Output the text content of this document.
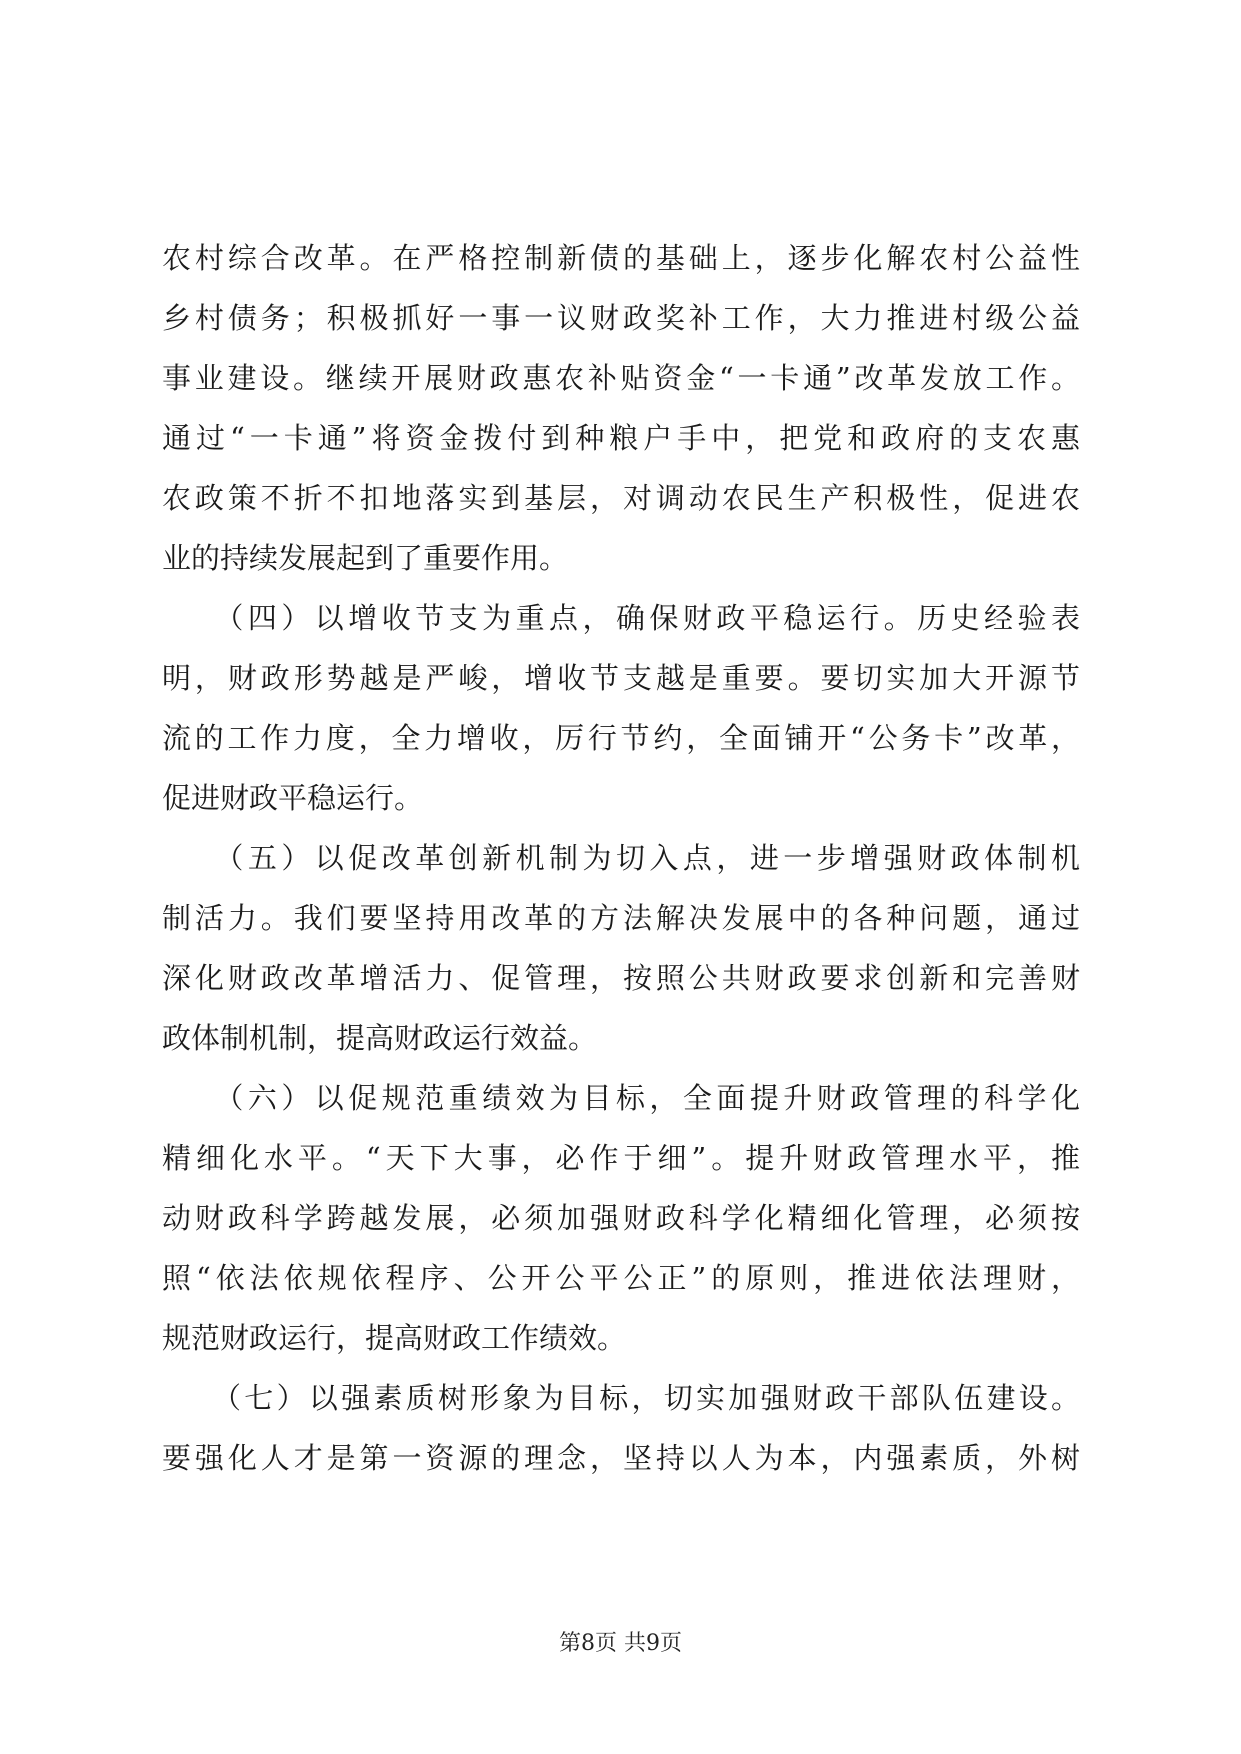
农村综合改革。在严格控制新债的基础上，逐步化解农村公益性
乡村债务；积极抓好一事一议财政奖补工作，大力推进村级公益
事业建设。继续开展财政惠农补贴资金“一卡通”改革发放工作。
通过“一卡通”将资金拨付到种粮户手中，把党和政府的支农惠
农政策不折不扣地落实到基层，对调动农民生产积极性，促进农
业的持续发展起到了重要作用。
　　（四）以增收节支为重点，确保财政平稳运行。历史经验表
明，财政形势越是严峻，增收节支越是重要。要切实加大开源节
流的工作力度，全力增收，厉行节约，全面铺开“公务卡”改革，
促进财政平稳运行。
　　（五）以促改革创新机制为切入点，进一步增强财政体制机
制活力。我们要坚持用改革的方法解决发展中的各种问题，通过
深化财政改革增活力、促管理，按照公共财政要求创新和完善财
政体制机制，提高财政运行效益。
　　（六）以促规范重绩效为目标，全面提升财政管理的科学化
精细化水平。“天下大事，必作于细”。提升财政管理水平，推
动财政科学跨越发展，必须加强财政科学化精细化管理，必须按
照“依法依规依程序、公开公平公正”的原则，推进依法理财，
规范财政运行，提高财政工作绩效。
　　（七）以强素质树形象为目标，切实加强财政干部队伍建设。
要强化人才是第一资源的理念，坚持以人为本，内强素质，外树
第8页 共9页
